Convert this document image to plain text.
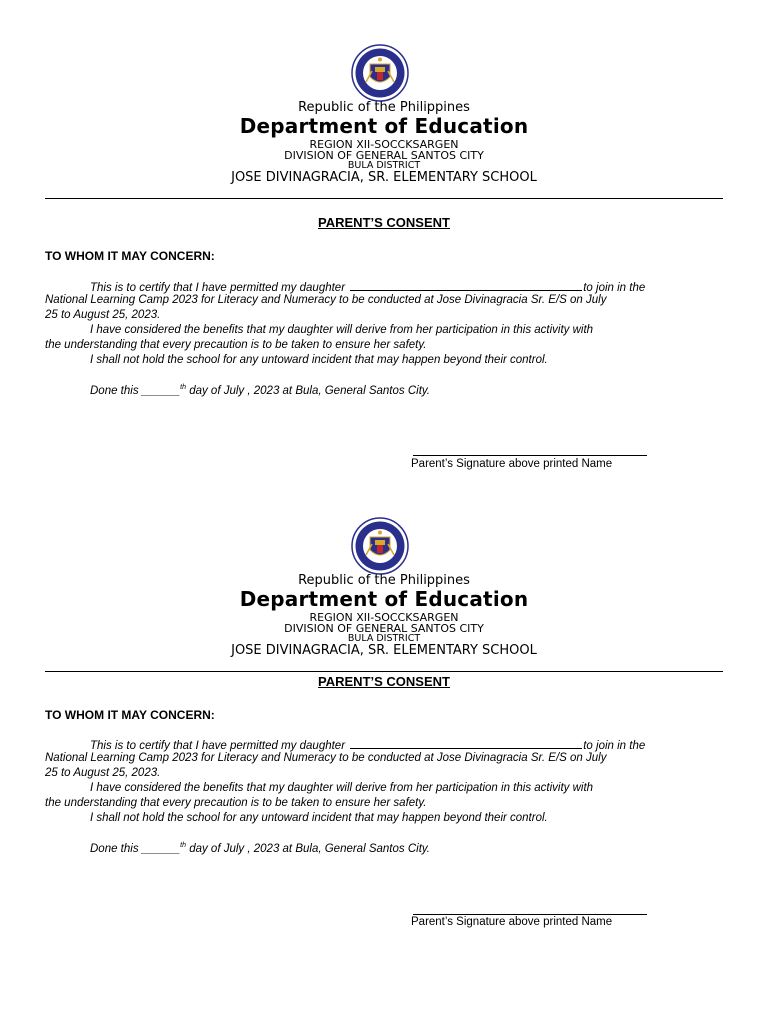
Republic of the Philippines
Department of Education
REGION XII-SOCCKSARGEN
DIVISION OF GENERAL SANTOS CITY
BULA DISTRICT
JOSE DIVINAGRACIA, SR. ELEMENTARY SCHOOL
PARENT’S CONSENT
TO WHOM IT MAY CONCERN:
This is to certify that I have permitted my daughter	to join in the
National Learning Camp 2023 for Literacy and Numeracy to be conducted at Jose Divinagracia Sr. E/S on July
25 to August 25, 2023.
I have considered the benefits that my daughter will derive from her participation in this activity with
the understanding that every precaution is to be taken to ensure her safety.
I shall not hold the school for any untoward incident that may happen beyond their control.
Done this ______$^{th}$ day of July , 2023 at Bula, General Santos City.
Parent’s Signature above printed Name
Republic of the Philippines
Department of Education
REGION XII-SOCCKSARGEN
DIVISION OF GENERAL SANTOS CITY
BULA DISTRICT
JOSE DIVINAGRACIA, SR. ELEMENTARY SCHOOL
PARENT’S CONSENT
TO WHOM IT MAY CONCERN:
This is to certify that I have permitted my daughter	to join in the
National Learning Camp 2023 for Literacy and Numeracy to be conducted at Jose Divinagracia Sr. E/S on July
25 to August 25, 2023.
I have considered the benefits that my daughter will derive from her participation in this activity with
the understanding that every precaution is to be taken to ensure her safety.
I shall not hold the school for any untoward incident that may happen beyond their control.
Done this ______$^{th}$ day of July , 2023 at Bula, General Santos City.
Parent’s Signature above printed Name
